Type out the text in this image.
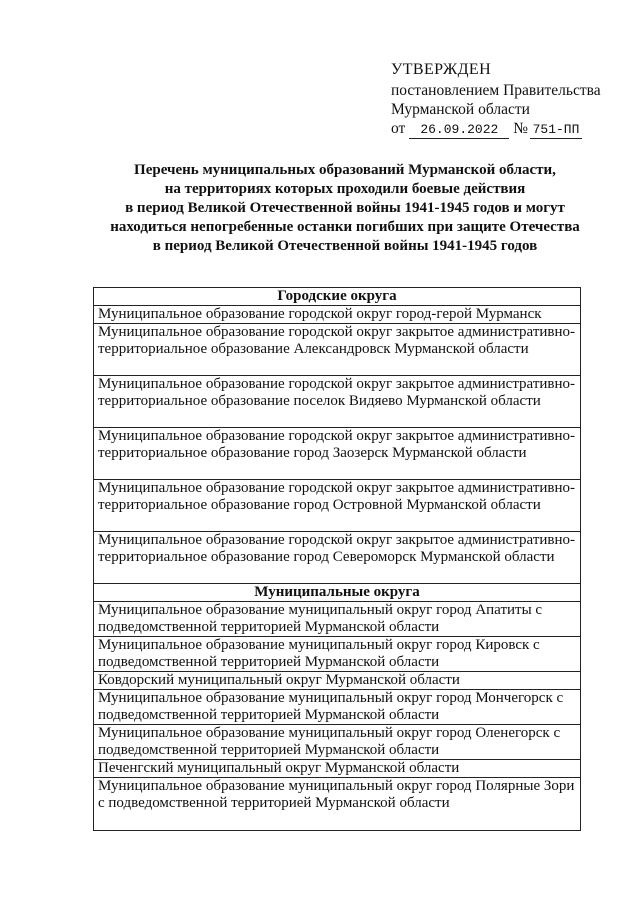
УТВЕРЖДЕН
постановлением Правительства
Мурманской области
от 26.09.2022 № 751-ПП
Перечень муниципальных образований Мурманской области,
на территориях которых проходили боевые действия
в период Великой Отечественной войны 1941-1945 годов и могут
находиться непогребенные останки погибших при защите Отечества
в период Великой Отечественной войны 1941-1945 годов
Городские округа
Муниципальное образование городской округ город-герой Мурманск
Муниципальное образование городской округ закрытое административно-территориальное образование Александровск Мурманской области
Муниципальное образование городской округ закрытое административно-территориальное образование поселок Видяево Мурманской области
Муниципальное образование городской округ закрытое административно-территориальное образование город Заозерск Мурманской области
Муниципальное образование городской округ закрытое административно-территориальное образование город Островной Мурманской области
Муниципальное образование городской округ закрытое административно-территориальное образование город Североморск Мурманской области
Муниципальные округа
Муниципальное образование муниципальный округ город Апатиты с подведомственной территорией Мурманской области
Муниципальное образование муниципальный округ город Кировск с подведомственной территорией Мурманской области
Ковдорский муниципальный округ Мурманской области
Муниципальное образование муниципальный округ город Мончегорск с подведомственной территорией Мурманской области
Муниципальное образование муниципальный округ город Оленегорск с подведомственной территорией Мурманской области
Печенгский муниципальный округ Мурманской области
Муниципальное образование муниципальный округ город Полярные Зори с подведомственной территорией Мурманской области
